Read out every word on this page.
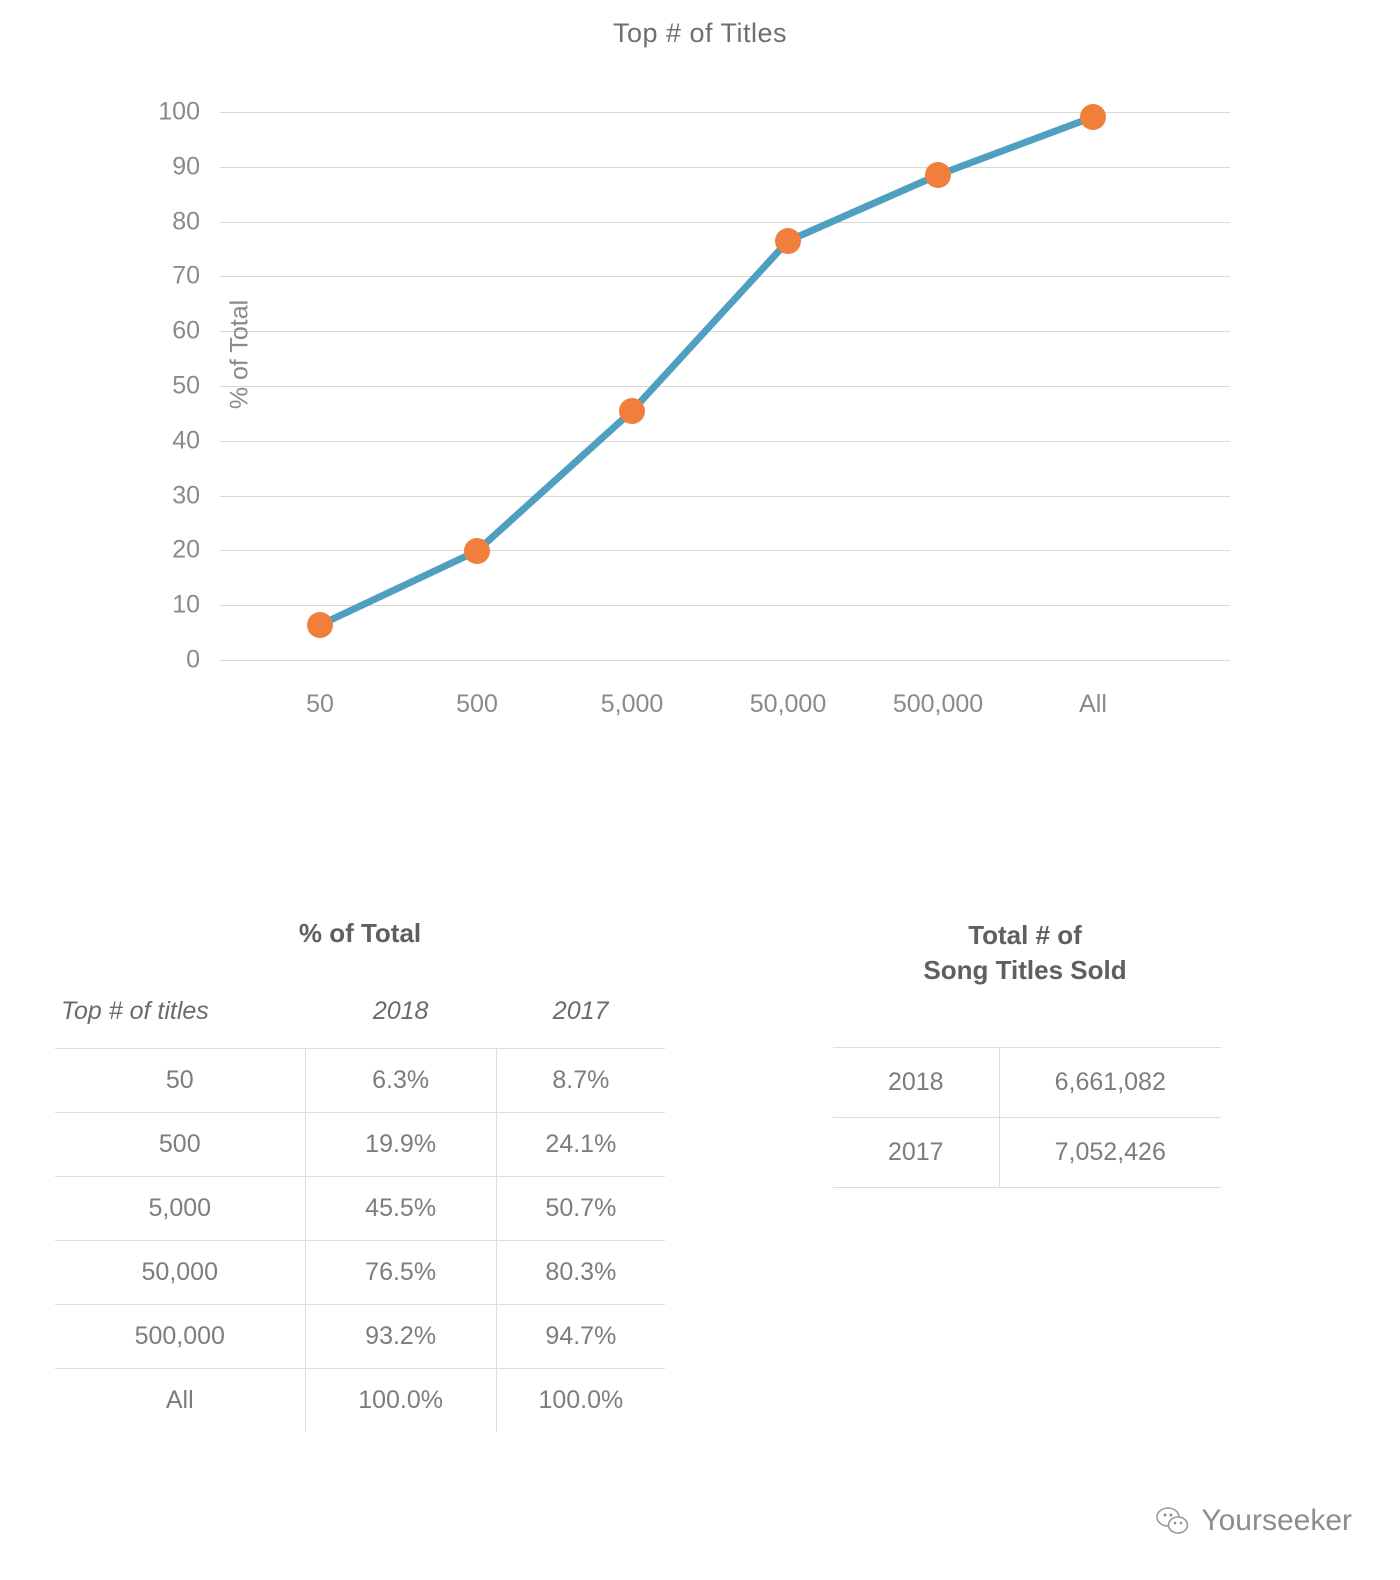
Top # of Titles
100
90
80
70
60
50
40
30
20
10
0
% of Total
50	500	5,000	50,000	500,000	All
% of Total
Top # of titles	2018	2017
50	6.3%	8.7%
500	19.9%	24.1%
5,000	45.5%	50.7%
50,000	76.5%	80.3%
500,000	93.2%	94.7%
All	100.0%	100.0%
Total # of
Song Titles Sold
2018	6,661,082
2017	7,052,426
Yourseeker
